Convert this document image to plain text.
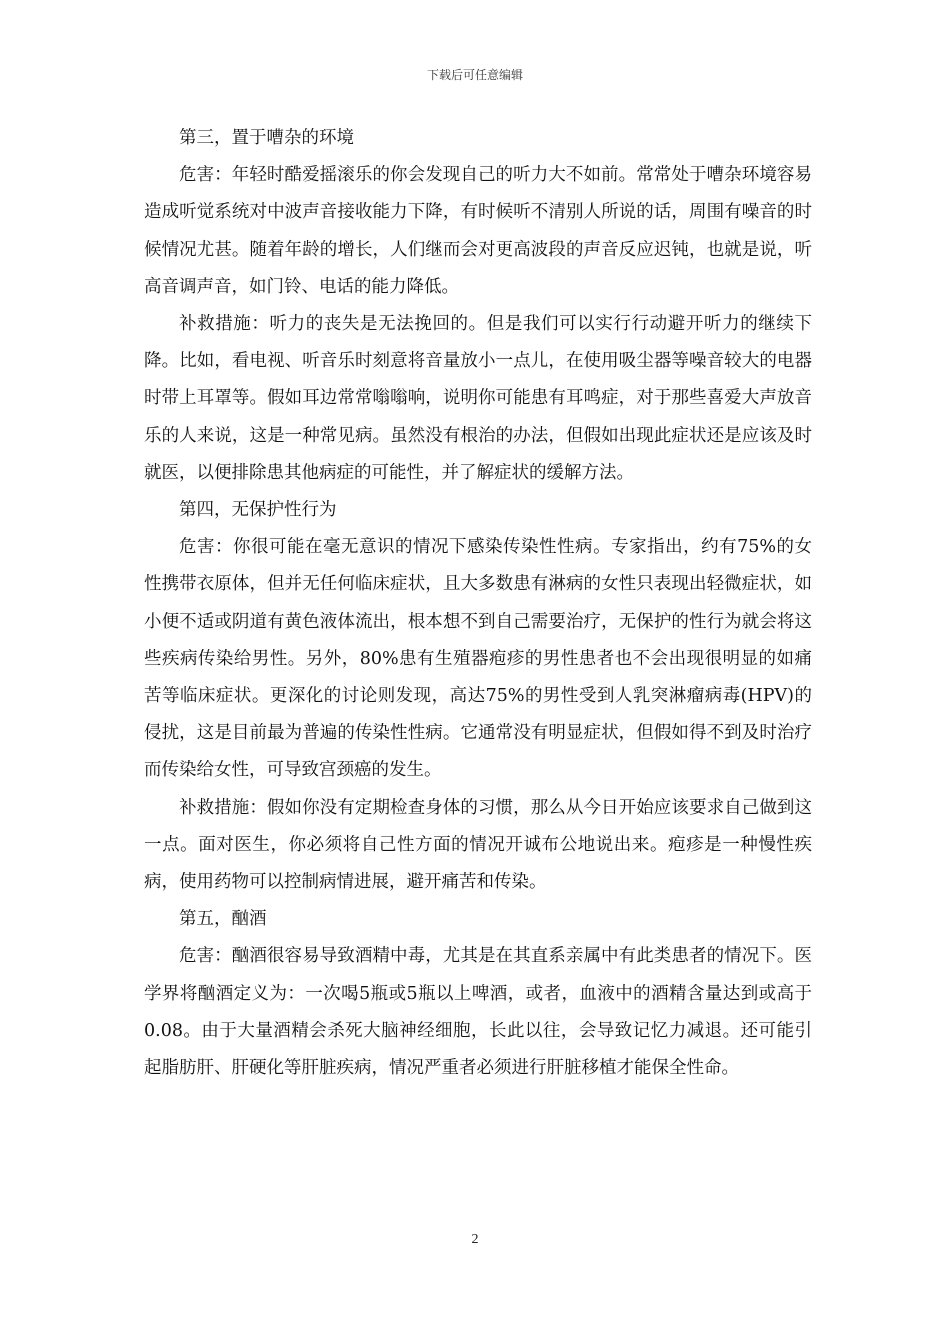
下载后可任意编辑

第三，置于嘈杂的环境

危害：年轻时酷爱摇滚乐的你会发现自己的听力大不如前。常常处于嘈杂环境容易造成听觉系统对中波声音接收能力下降，有时候听不清别人所说的话，周围有噪音的时候情况尤甚。随着年龄的增长，人们继而会对更高波段的声音反应迟钝，也就是说，听高音调声音，如门铃、电话的能力降低。

补救措施：听力的丧失是无法挽回的。但是我们可以实行行动避开听力的继续下降。比如，看电视、听音乐时刻意将音量放小一点儿，在使用吸尘器等噪音较大的电器时带上耳罩等。假如耳边常常嗡嗡响，说明你可能患有耳鸣症，对于那些喜爱大声放音乐的人来说，这是一种常见病。虽然没有根治的办法，但假如出现此症状还是应该及时就医，以便排除患其他病症的可能性，并了解症状的缓解方法。

第四，无保护性行为

危害：你很可能在毫无意识的情况下感染传染性性病。专家指出，约有75%的女性携带衣原体，但并无任何临床症状，且大多数患有淋病的女性只表现出轻微症状，如小便不适或阴道有黄色液体流出，根本想不到自己需要治疗，无保护的性行为就会将这些疾病传染给男性。另外，80%患有生殖器疱疹的男性患者也不会出现很明显的如痛苦等临床症状。更深化的讨论则发现，高达75%的男性受到人乳突淋瘤病毒(HPV)的侵扰，这是目前最为普遍的传染性性病。它通常没有明显症状，但假如得不到及时治疗而传染给女性，可导致宫颈癌的发生。

补救措施：假如你没有定期检查身体的习惯，那么从今日开始应该要求自己做到这一点。面对医生，你必须将自己性方面的情况开诚布公地说出来。疱疹是一种慢性疾病，使用药物可以控制病情进展，避开痛苦和传染。

第五，酗酒

危害：酗酒很容易导致酒精中毒，尤其是在其直系亲属中有此类患者的情况下。医学界将酗酒定义为：一次喝5瓶或5瓶以上啤酒，或者，血液中的酒精含量达到或高于0.08。由于大量酒精会杀死大脑神经细胞，长此以往，会导致记忆力减退。还可能引起脂肪肝、肝硬化等肝脏疾病，情况严重者必须进行肝脏移植才能保全性命。

2
